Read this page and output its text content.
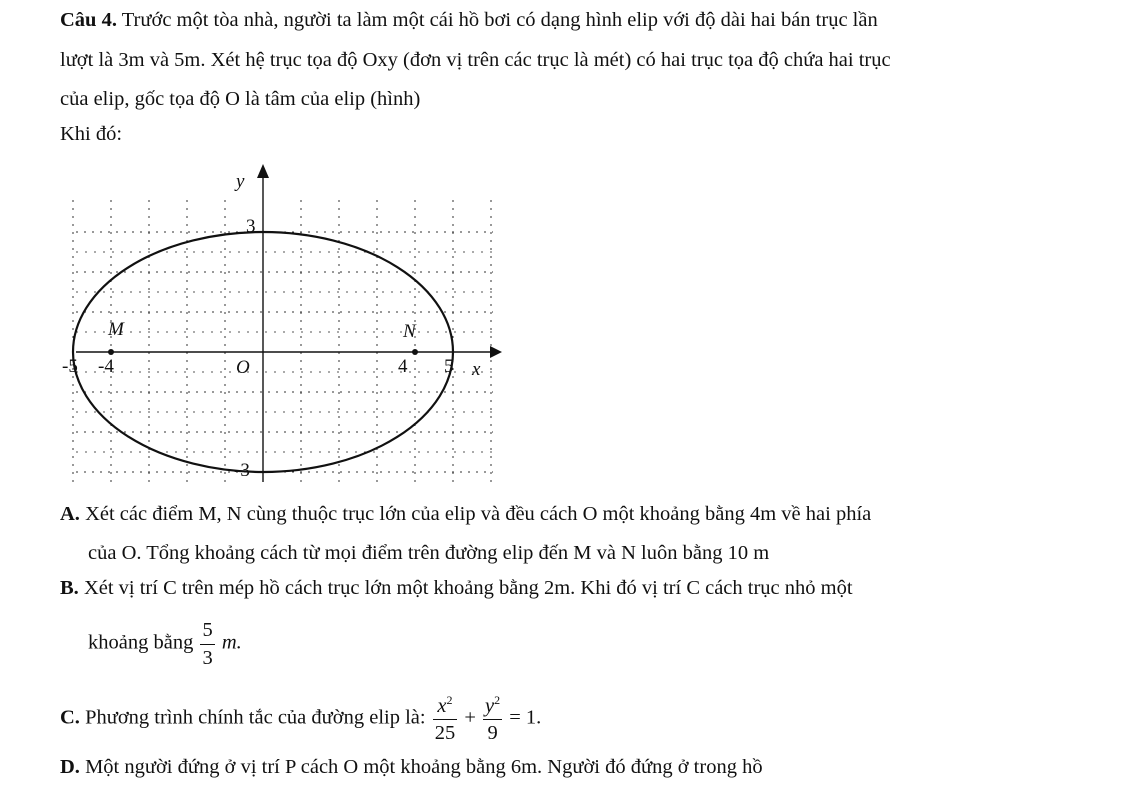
Câu 4. Trước một tòa nhà, người ta làm một cái hồ bơi có dạng hình elip với độ dài hai bán trục lần
lượt là 3m và 5m. Xét hệ trục tọa độ Oxy (đơn vị trên các trục là mét) có hai trục tọa độ chứa hai trục
của elip, gốc tọa độ O là tâm của elip (hình)
Khi đó:
y
3
-3
O
-5 -4	4 5 x
M	N
A. Xét các điểm M, N cùng thuộc trục lớn của elip và đều cách O một khoảng bằng 4m về hai phía
của O. Tổng khoảng cách từ mọi điểm trên đường elip đến M và N luôn bằng 10 m
B. Xét vị trí C trên mép hồ cách trục lớn một khoảng bằng 2m. Khi đó vị trí C cách trục nhỏ một
khoảng bằng $\frac{5}{3} m$.
C. Phương trình chính tắc của đường elip là: $\frac{x^2}{25} + \frac{y^2}{9} = 1$.
D. Một người đứng ở vị trí P cách O một khoảng bằng 6m. Người đó đứng ở trong hồ
